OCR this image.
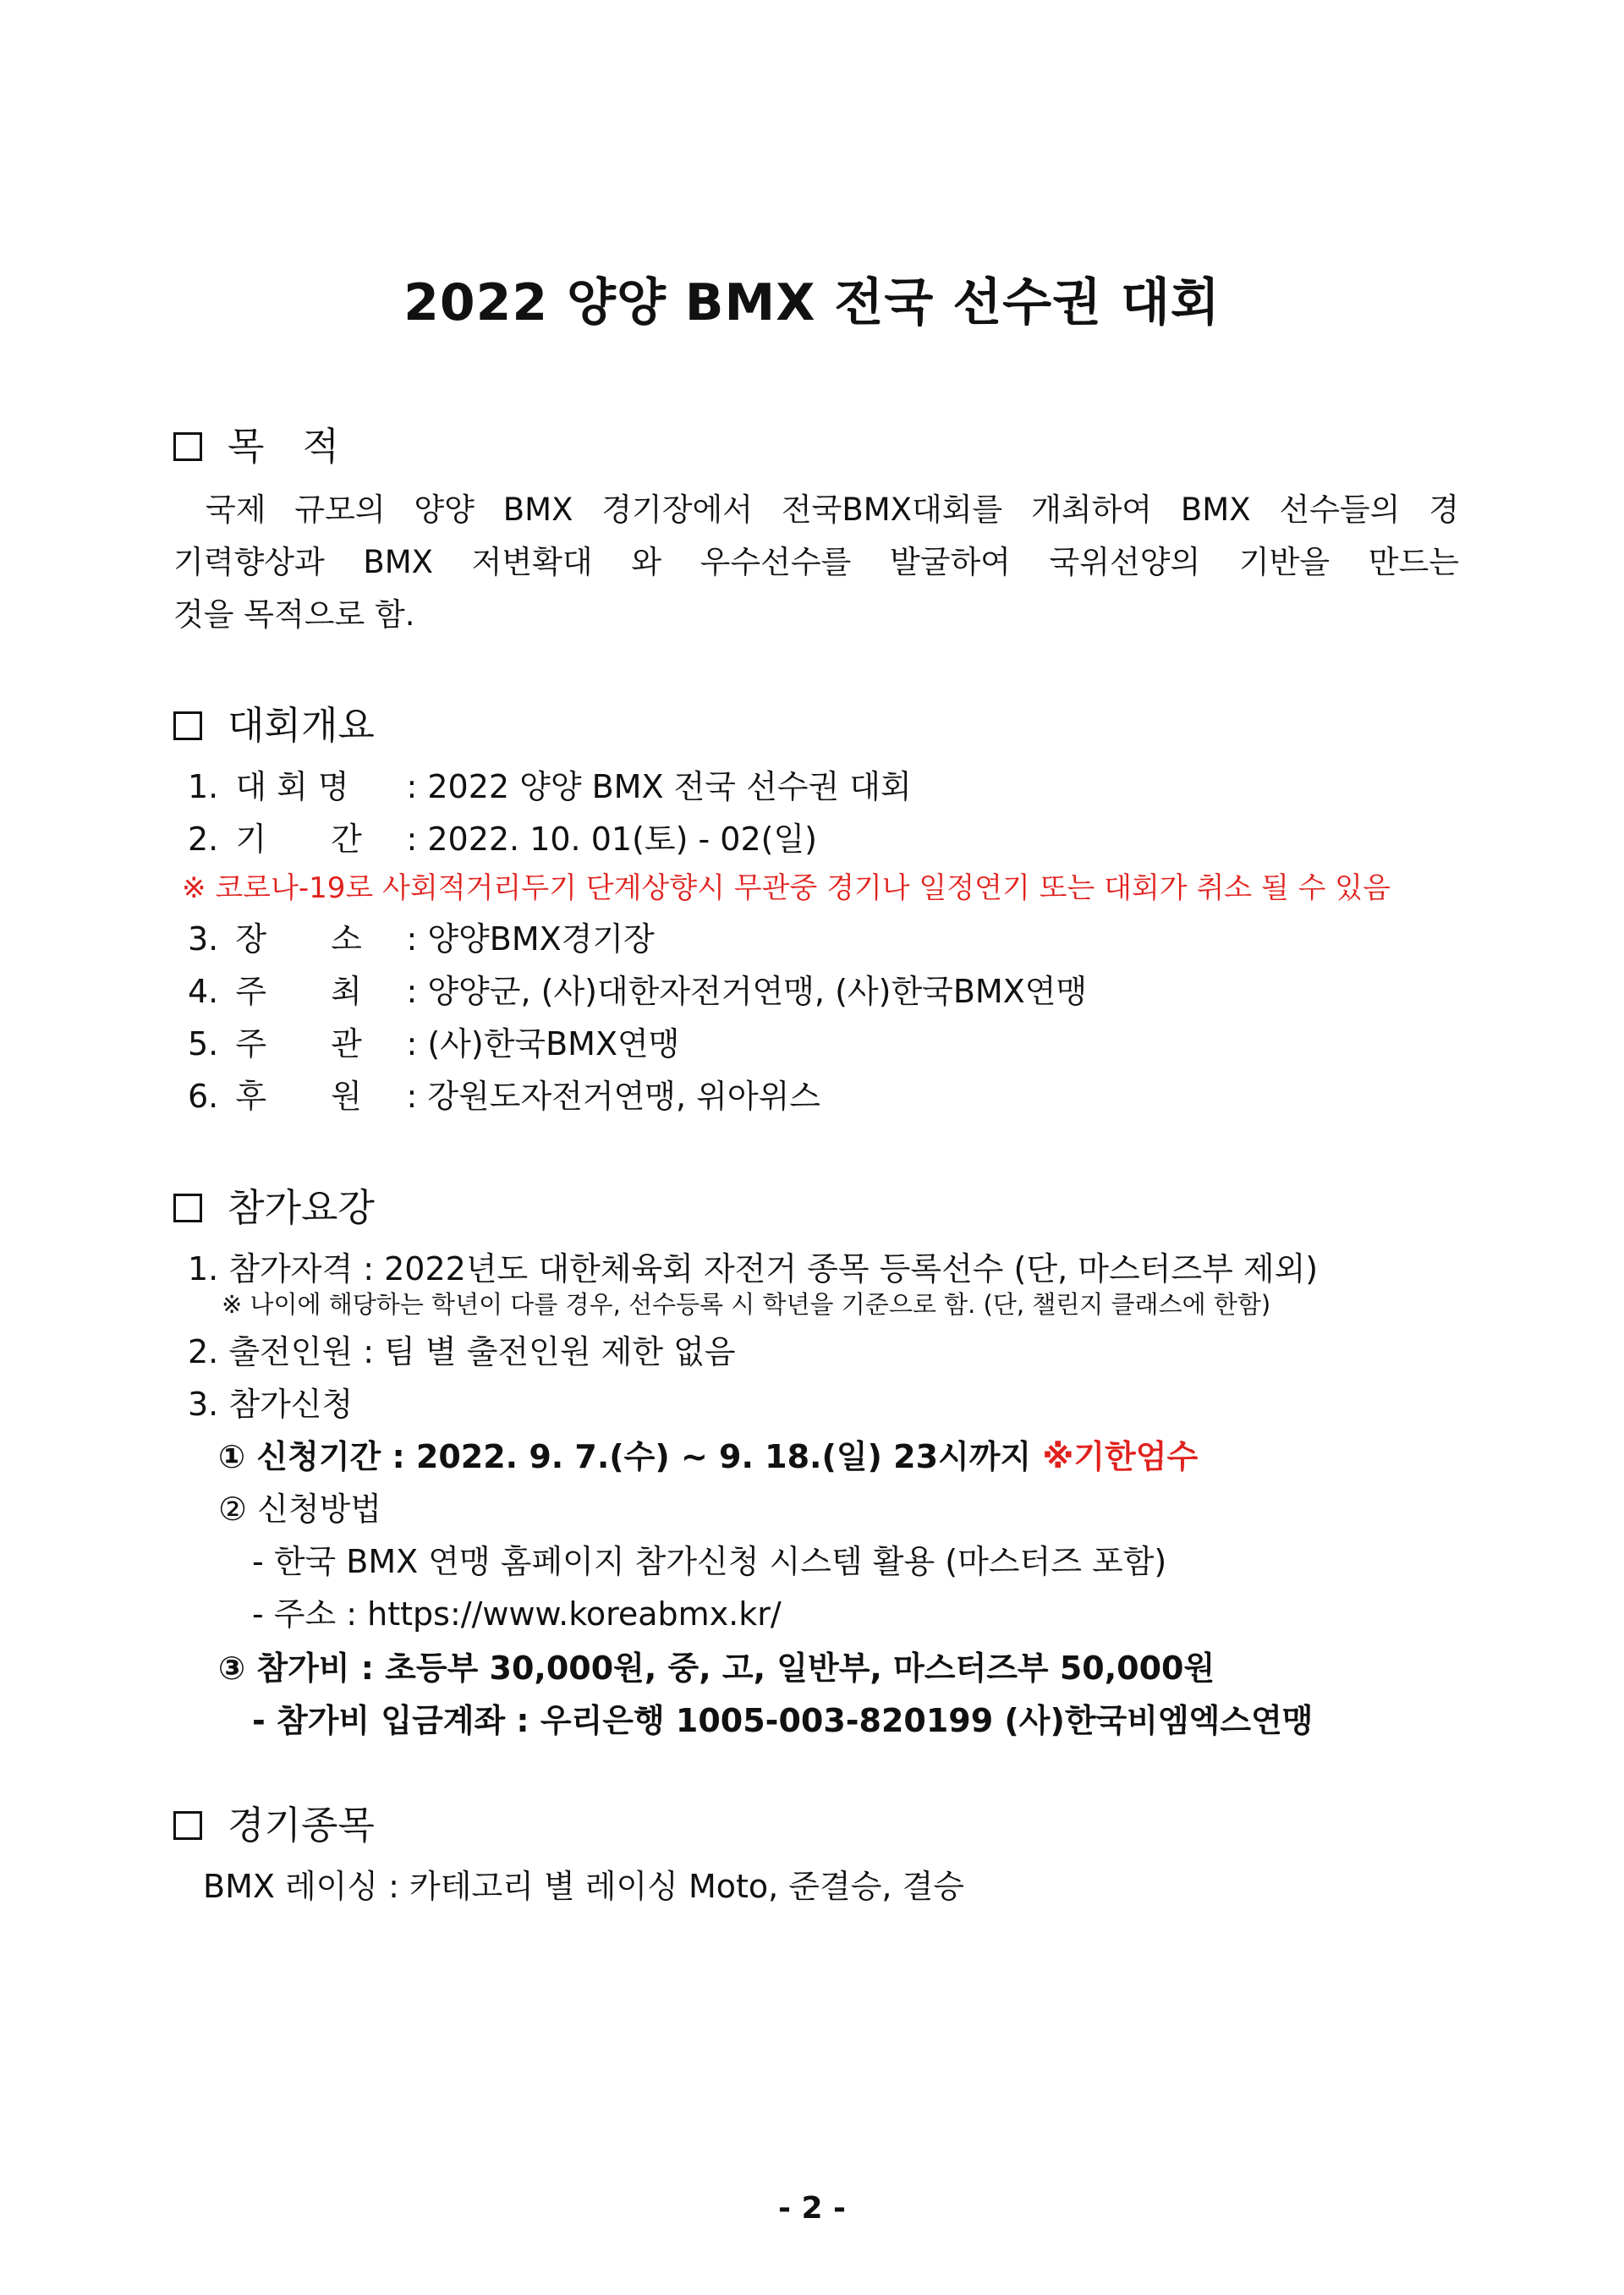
2022 양양 BMX 전국 선수권 대회
목　적

국제 규모의 양양 BMX 경기장에서 전국BMX대회를 개최하여 BMX 선수들의 경

기력향상과 BMX 저변확대 와 우수선수를 발굴하여 국위선양의 기반을 만드는

것을 목적으로 함.

대회개요
1. 대 회 명 : 2022 양양 BMX 전국 선수권 대회
2. 기　　간 : 2022. 10. 01(토) - 02(일)
※ 코로나-19로 사회적거리두기 단계상향시 무관중 경기나 일정연기 또는 대회가 취소 될 수 있음
3. 장　　소 : 양양BMX경기장
4. 주　　최 : 양양군, (사)대한자전거연맹, (사)한국BMX연맹
5. 주　　관 : (사)한국BMX연맹
6. 후　　원 : 강원도자전거연맹, 위아위스
참가요강
1. 참가자격 : 2022년도 대한체육회 자전거 종목 등록선수 (단, 마스터즈부 제외)
※ 나이에 해당하는 학년이 다를 경우, 선수등록 시 학년을 기준으로 함. (단, 챌린지 클래스에 한함)
2. 출전인원 : 팀 별 출전인원 제한 없음
3. 참가신청
① 신청기간 : 2022. 9. 7.(수) ~ 9. 18.(일) 23시까지 ※기한엄수
② 신청방법
- 한국 BMX 연맹 홈페이지 참가신청 시스템 활용 (마스터즈 포함)
- 주소 : https://www.koreabmx.kr/
③ 참가비 : 초등부 30,000원, 중, 고, 일반부, 마스터즈부 50,000원
- 참가비 입금계좌 : 우리은행 1005-003-820199 (사)한국비엠엑스연맹
경기종목
BMX 레이싱 : 카테고리 별 레이싱 Moto, 준결승, 결승
- 2 -
